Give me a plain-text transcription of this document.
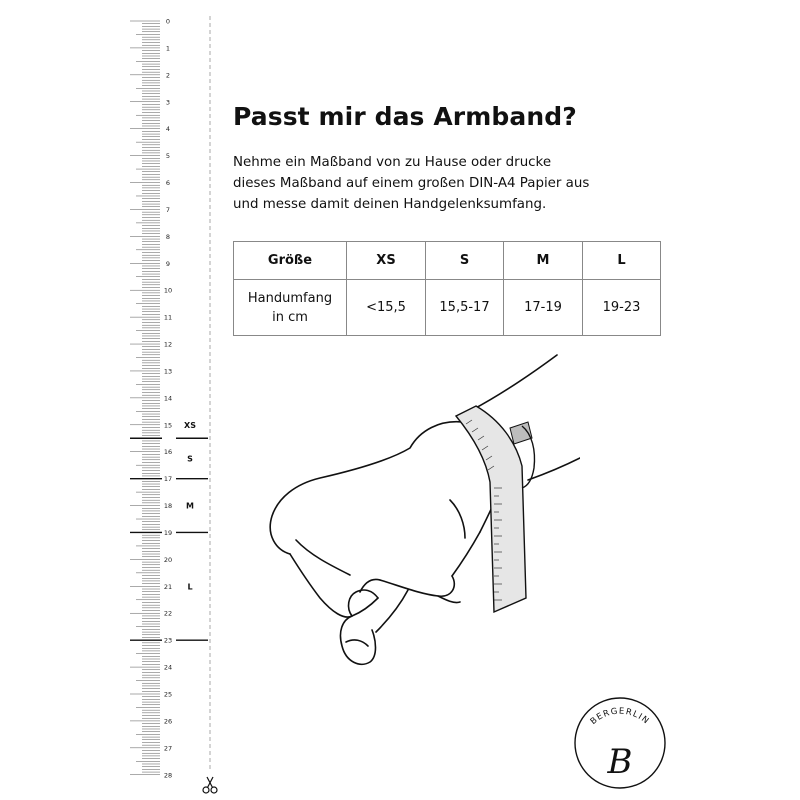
0
1
2
3
4
5
6
7
8
9
10
11
12
13
14
15
16
17
18
19
20
21
22
23
24
25
26
27
28
XS
S
M
L
Passt mir das Armband?

Nehme ein Maßband von zu Hause oder drucke
dieses Maßband auf einem großen DIN-A4 Papier aus
und messe damit deinen Handgelenksumfang.

Größe	XS	S	M	L
Handumfang
in cm	<15,5	15,5-17	17-19	19-23
BERGERLIN
B
